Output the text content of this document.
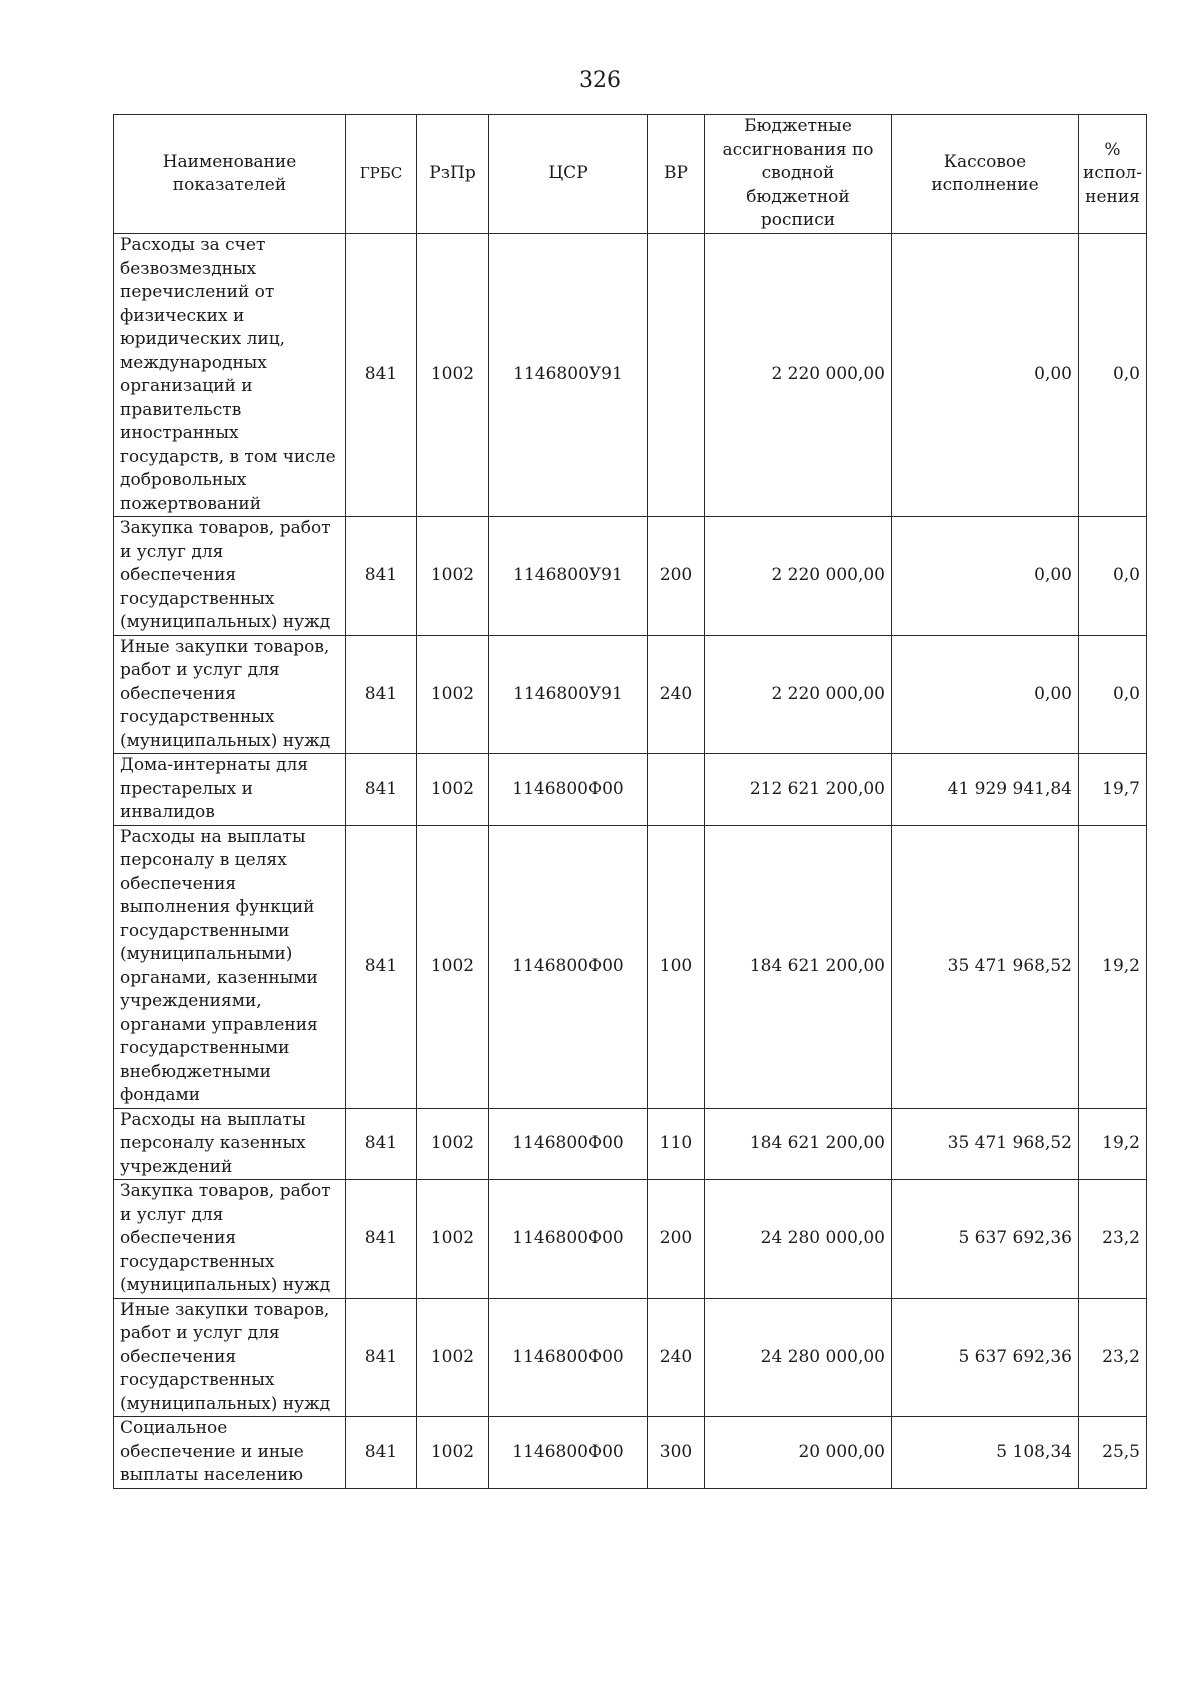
326
Наименование показателей	ГРБС	РзПр	ЦСР	ВР	Бюджетные ассигнования по сводной бюджетной росписи	Кассовое исполнение	% испол-нения
Расходы за счет безвозмездных перечислений от физических и юридических лиц, международных организаций и правительств иностранных государств, в том числе добровольных пожертвований	841	1002	1146800У91		2 220 000,00	0,00	0,0
Закупка товаров, работ и услуг для обеспечения государственных (муниципальных) нужд	841	1002	1146800У91	200	2 220 000,00	0,00	0,0
Иные закупки товаров, работ и услуг для обеспечения государственных (муниципальных) нужд	841	1002	1146800У91	240	2 220 000,00	0,00	0,0
Дома-интернаты для престарелых и инвалидов	841	1002	1146800Ф00		212 621 200,00	41 929 941,84	19,7
Расходы на выплаты персоналу в целях обеспечения выполнения функций государственными (муниципальными) органами, казенными учреждениями, органами управления государственными внебюджетными фондами	841	1002	1146800Ф00	100	184 621 200,00	35 471 968,52	19,2
Расходы на выплаты персоналу казенных учреждений	841	1002	1146800Ф00	110	184 621 200,00	35 471 968,52	19,2
Закупка товаров, работ и услуг для обеспечения государственных (муниципальных) нужд	841	1002	1146800Ф00	200	24 280 000,00	5 637 692,36	23,2
Иные закупки товаров, работ и услуг для обеспечения государственных (муниципальных) нужд	841	1002	1146800Ф00	240	24 280 000,00	5 637 692,36	23,2
Социальное обеспечение и иные выплаты населению	841	1002	1146800Ф00	300	20 000,00	5 108,34	25,5
